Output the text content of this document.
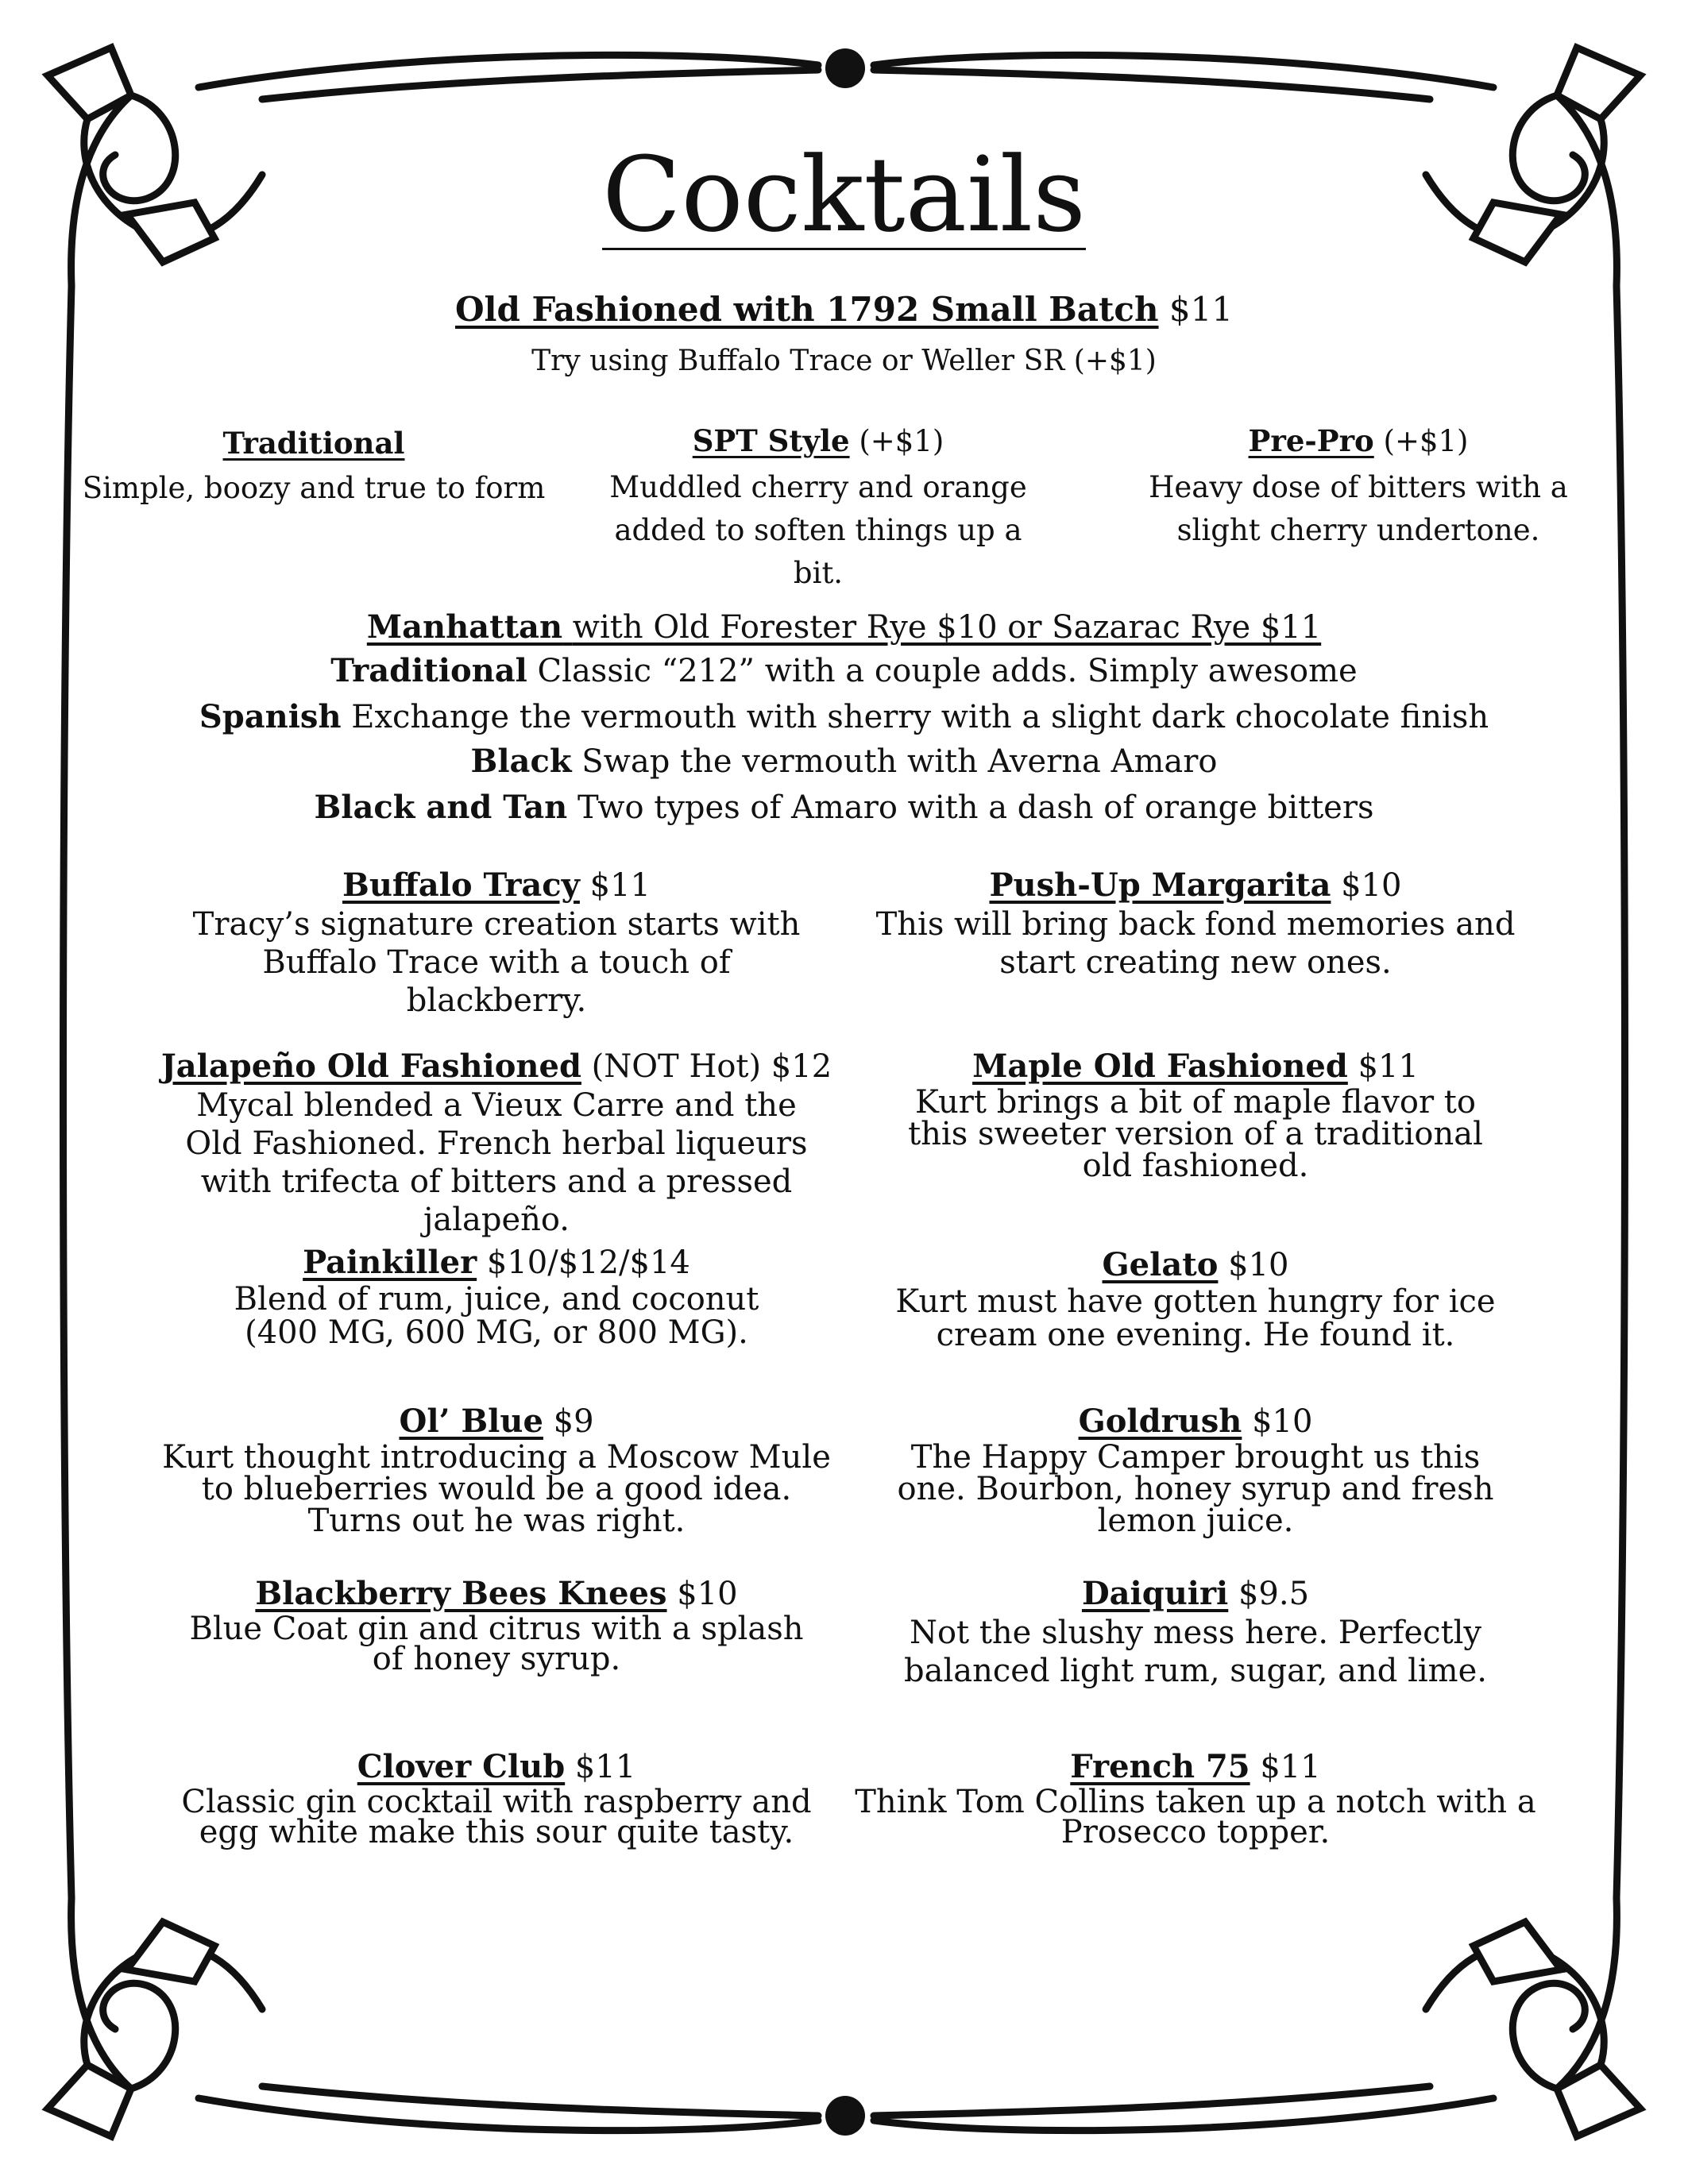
Cocktails
Old Fashioned with 1792 Small Batch $11
Try using Buffalo Trace or Weller SR (+$1)
Traditional
Simple, boozy and true to form
SPT Style (+$1)
Muddled cherry and orange added to soften things up a bit.
Pre-Pro (+$1)
Heavy dose of bitters with a slight cherry undertone.
Manhattan with Old Forester Rye $10 or Sazarac Rye $11
Traditional Classic “212” with a couple adds. Simply awesome
Spanish Exchange the vermouth with sherry with a slight dark chocolate finish
Black Swap the vermouth with Averna Amaro
Black and Tan Two types of Amaro with a dash of orange bitters
Buffalo Tracy $11
Tracy’s signature creation starts with Buffalo Trace with a touch of blackberry.
Push-Up Margarita $10
This will bring back fond memories and start creating new ones.
Jalapeño Old Fashioned (NOT Hot) $12
Mycal blended a Vieux Carre and the Old Fashioned. French herbal liqueurs with trifecta of bitters and a pressed jalapeño.
Maple Old Fashioned $11
Kurt brings a bit of maple flavor to this sweeter version of a traditional old fashioned.
Painkiller $10/$12/$14
Blend of rum, juice, and coconut (400 MG, 600 MG, or 800 MG).
Gelato $10
Kurt must have gotten hungry for ice cream one evening. He found it.
Ol’ Blue $9
Kurt thought introducing a Moscow Mule to blueberries would be a good idea. Turns out he was right.
Goldrush $10
The Happy Camper brought us this one. Bourbon, honey syrup and fresh lemon juice.
Blackberry Bees Knees $10
Blue Coat gin and citrus with a splash of honey syrup.
Daiquiri $9.5
Not the slushy mess here. Perfectly balanced light rum, sugar, and lime.
Clover Club $11
Classic gin cocktail with raspberry and egg white make this sour quite tasty.
French 75 $11
Think Tom Collins taken up a notch with a Prosecco topper.
